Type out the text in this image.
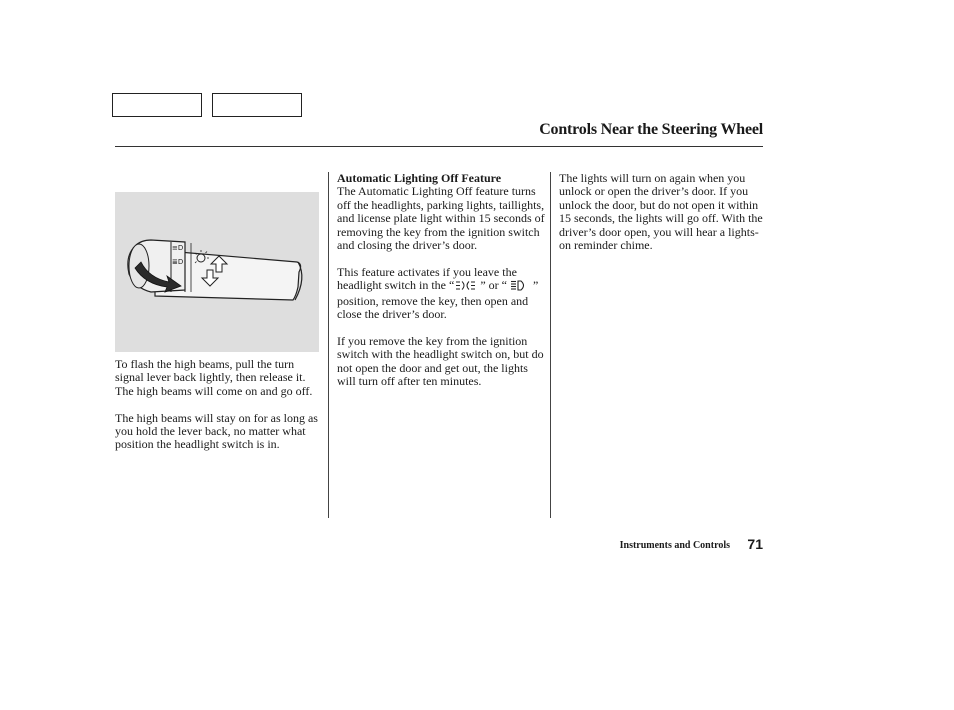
Controls Near the Steering Wheel
≡D
≣D

To flash the high beams, pull the turn signal lever back lightly, then release it. The high beams will come on and go off.

The high beams will stay on for as long as you hold the lever back, no matter what position the headlight switch is in.

Automatic Lighting Off Feature

The Automatic Lighting Off feature turns off the headlights, parking lights, taillights, and license plate light within 15 seconds of removing the key from the ignition switch and closing the driver’s door.

This feature activates if you leave the headlight switch in the “ ” or “ ” position, remove the key, then open and close the driver’s door.

If you remove the key from the ignition switch with the headlight switch on, but do not open the door and get out, the lights will turn off after ten minutes.

The lights will turn on again when you unlock or open the driver’s door. If you unlock the door, but do not open it within 15 seconds, the lights will go off. With the driver’s door open, you will hear a lights-on reminder chime.

Instruments and Controls 71
